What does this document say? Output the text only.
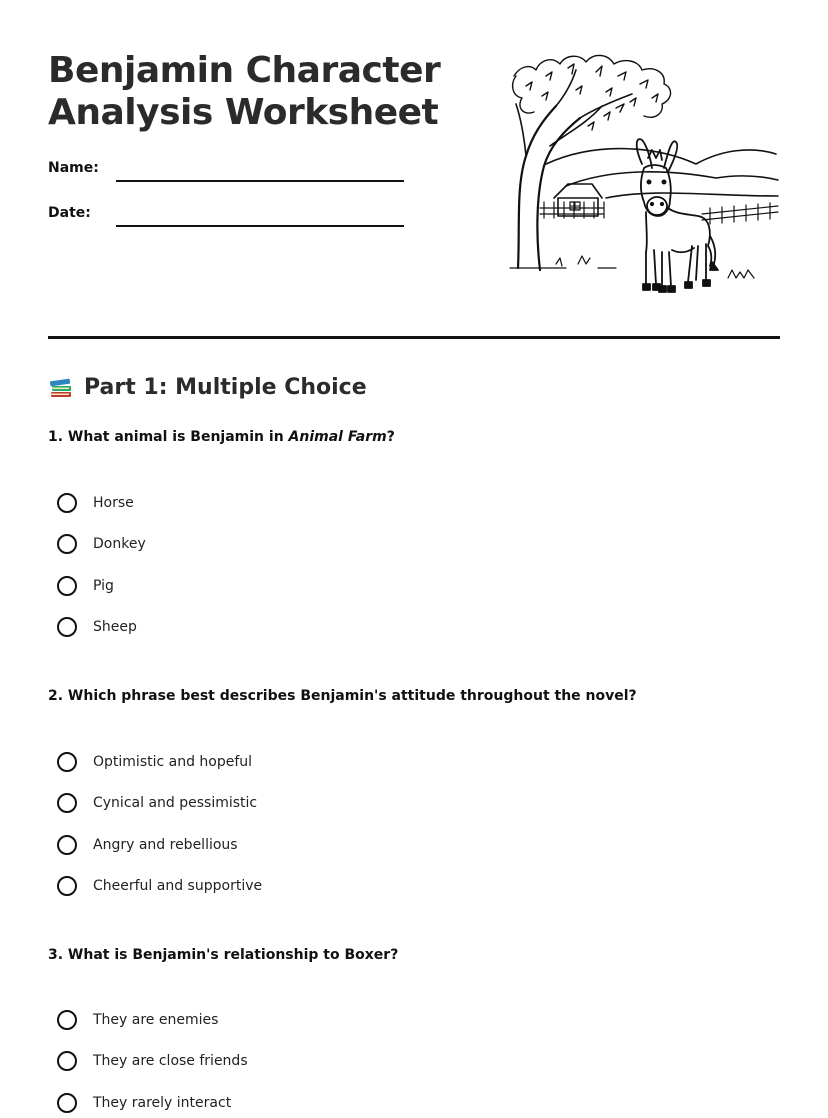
Benjamin Character
Analysis Worksheet
Name:
Date:
Part 1: Multiple Choice

1. What animal is Benjamin in Animal Farm?

Horse
Donkey
Pig
Sheep

2. Which phrase best describes Benjamin's attitude throughout the novel?

Optimistic and hopeful
Cynical and pessimistic
Angry and rebellious
Cheerful and supportive

3. What is Benjamin's relationship to Boxer?

They are enemies
They are close friends
They rarely interact
